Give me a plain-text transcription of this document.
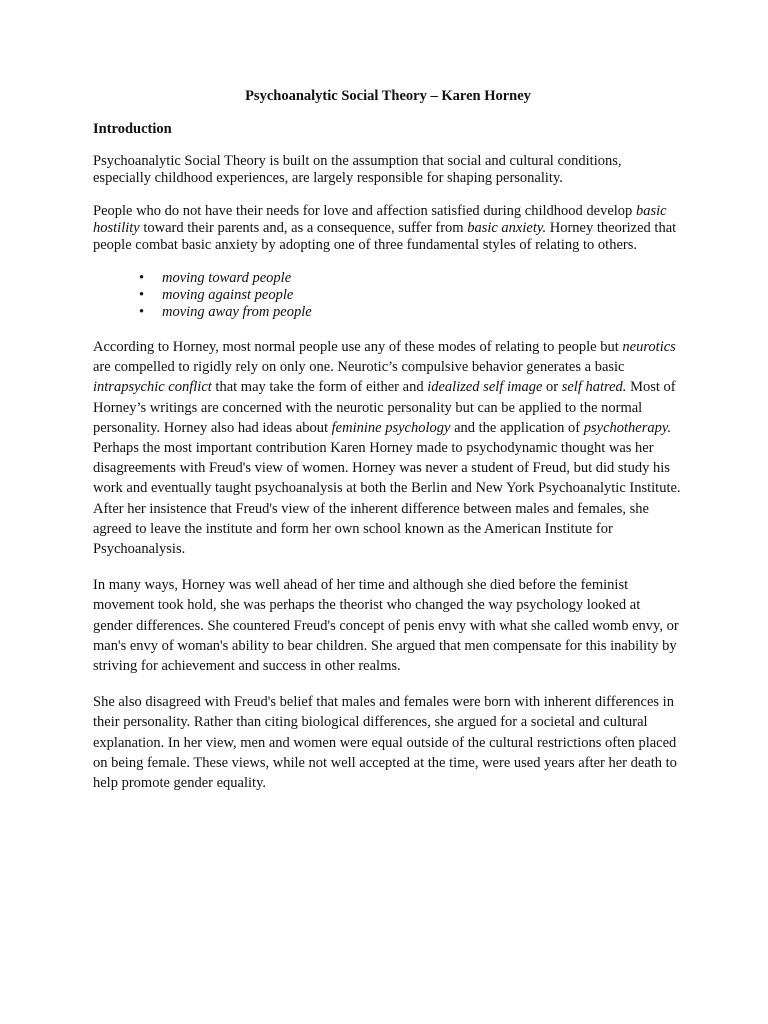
Psychoanalytic Social Theory – Karen Horney
Introduction

Psychoanalytic Social Theory is built on the assumption that social and cultural conditions, especially childhood experiences, are largely responsible for shaping personality.

People who do not have their needs for love and affection satisfied during childhood develop basic hostility toward their parents and, as a consequence, suffer from basic anxiety. Horney theorized that people combat basic anxiety by adopting one of three fundamental styles of relating to others.

• moving toward people
• moving against people
• moving away from people

According to Horney, most normal people use any of these modes of relating to people but neurotics are compelled to rigidly rely on only one. Neurotic’s compulsive behavior generates a basic intrapsychic conflict that may take the form of either and idealized self image or self hatred. Most of Horney’s writings are concerned with the neurotic personality but can be applied to the normal personality. Horney also had ideas about feminine psychology and the application of psychotherapy. Perhaps the most important contribution Karen Horney made to psychodynamic thought was her disagreements with Freud's view of women. Horney was never a student of Freud, but did study his work and eventually taught psychoanalysis at both the Berlin and New York Psychoanalytic Institute. After her insistence that Freud's view of the inherent difference between males and females, she agreed to leave the institute and form her own school known as the American Institute for Psychoanalysis.

In many ways, Horney was well ahead of her time and although she died before the feminist movement took hold, she was perhaps the theorist who changed the way psychology looked at gender differences. She countered Freud's concept of penis envy with what she called womb envy, or man's envy of woman's ability to bear children. She argued that men compensate for this inability by striving for achievement and success in other realms.

She also disagreed with Freud's belief that males and females were born with inherent differences in their personality. Rather than citing biological differences, she argued for a societal and cultural explanation. In her view, men and women were equal outside of the cultural restrictions often placed on being female. These views, while not well accepted at the time, were used years after her death to help promote gender equality.
